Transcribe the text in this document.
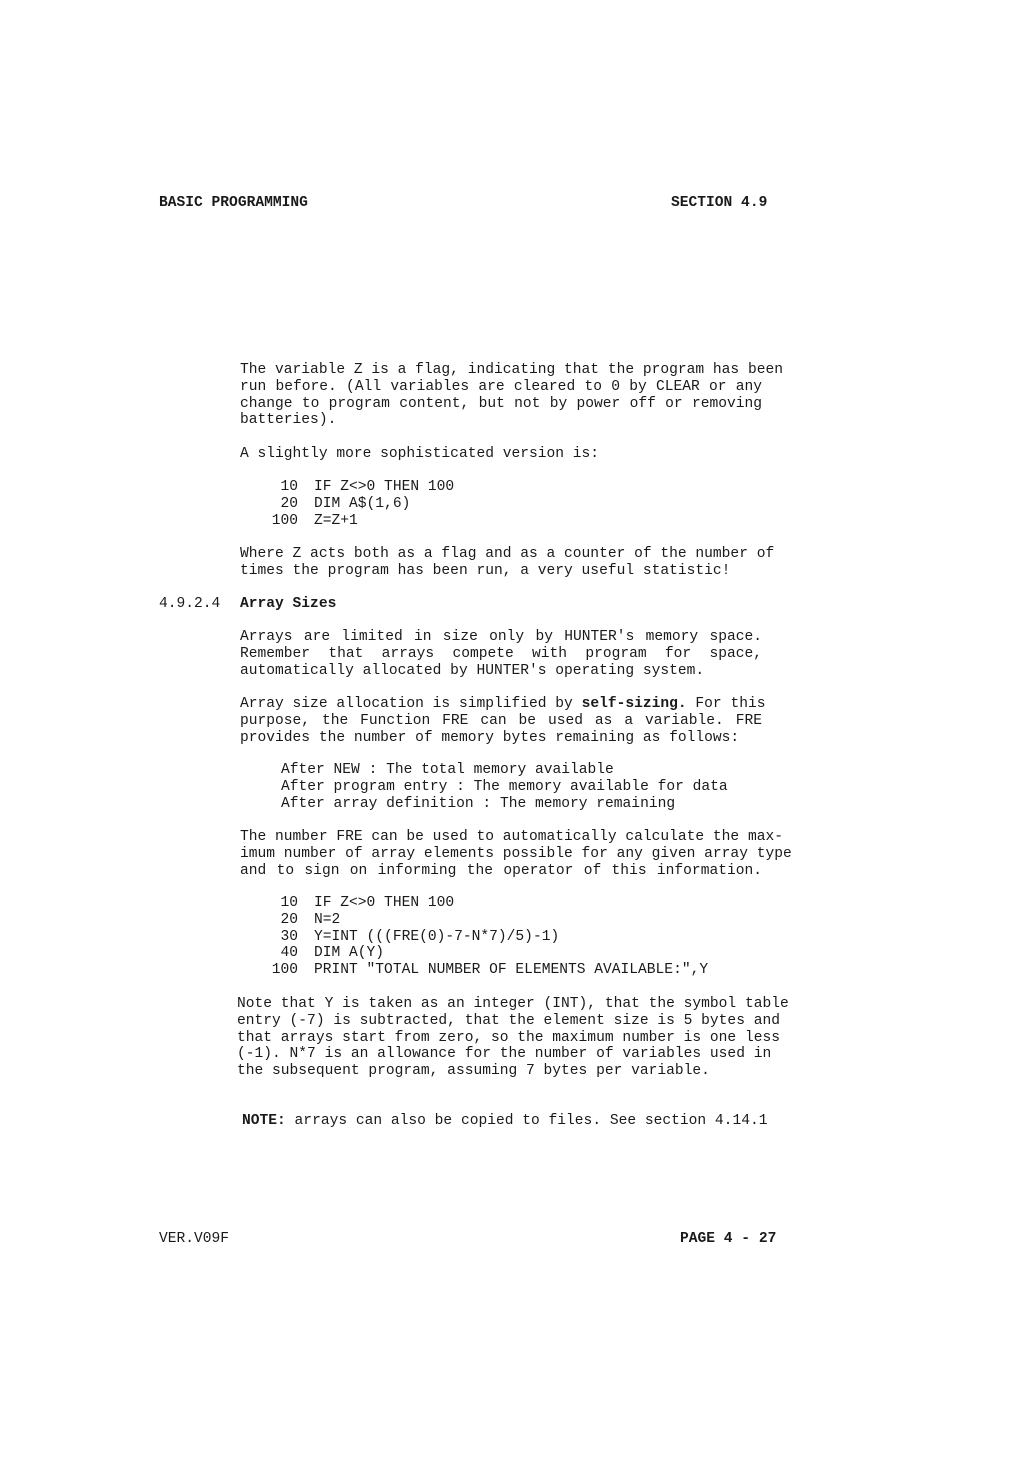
BASIC PROGRAMMING	SECTION 4.9
The variable Z is a flag, indicating that the program has been
run before. (All variables are cleared to 0 by CLEAR or any
change to program content, but not by power off or removing
batteries).
A slightly more sophisticated version is:
10 IF Z<>0 THEN 100
20 DIM A$(1,6)
100 Z=Z+1
Where Z acts both as a flag and as a counter of the number of
times the program has been run, a very useful statistic!
4.9.2.4 Array Sizes
Arrays are limited in size only by HUNTER's memory space.
Remember that arrays compete with program for space,
automatically allocated by HUNTER's operating system.
Array size allocation is simplified by self-sizing. For this
purpose, the Function FRE can be used as a variable. FRE
provides the number of memory bytes remaining as follows:
After NEW : The total memory available
After program entry : The memory available for data
After array definition : The memory remaining
The number FRE can be used to automatically calculate the max-
imum number of array elements possible for any given array type
and to sign on informing the operator of this information.
10 IF Z<>0 THEN 100
20 N=2
30 Y=INT (((FRE(0)-7-N*7)/5)-1)
40 DIM A(Y)
100 PRINT "TOTAL NUMBER OF ELEMENTS AVAILABLE:",Y
Note that Y is taken as an integer (INT), that the symbol table
entry (-7) is subtracted, that the element size is 5 bytes and
that arrays start from zero, so the maximum number is one less
(-1). N*7 is an allowance for the number of variables used in
the subsequent program, assuming 7 bytes per variable.
NOTE: arrays can also be copied to files. See section 4.14.1
VER.V09F	PAGE 4 - 27
